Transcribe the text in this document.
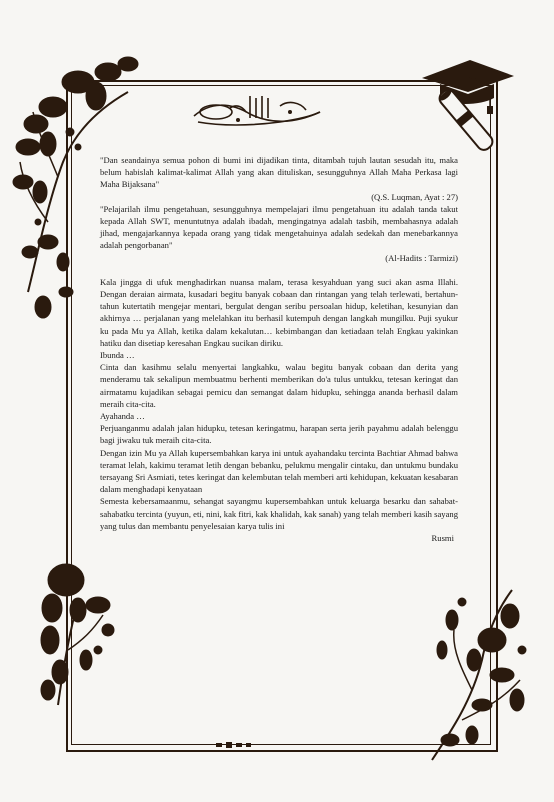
"Dan seandainya semua pohon di bumi ini dijadikan tinta, ditambah tujuh lautan sesudah itu, maka belum habislah kalimat-kalimat Allah yang akan dituliskan, sesungguhnya Allah Maha Perkasa lagi Maha Bijaksana"

(Q.S. Luqman, Ayat : 27)

"Pelajarilah ilmu pengetahuan, sesungguhnya mempelajari ilmu pengetahuan itu adalah tanda takut kepada Allah SWT, menuntutnya adalah ibadah, mengingatnya adalah tasbih, membahasnya adalah jihad, mengajarkannya kepada orang yang tidak mengetahuinya adalah sedekah dan menebarkannya adalah pengorbanan"

(Al-Hadits : Tarmizi)

Kala jingga di ufuk menghadirkan nuansa malam, terasa kesyahduan yang suci akan asma Illahi. Dengan deraian airmata, kusadari begitu banyak cobaan dan rintangan yang telah terlewati, bertahun-tahun kutertatih mengejar mentari, bergulat dengan seribu persoalan hidup, keletihan, kesunyian dan akhirnya … perjalanan yang melelahkan itu berhasil kutempuh dengan langkah mungilku. Puji syukur ku pada Mu ya Allah, ketika dalam kekalutan… kebimbangan dan ketiadaan telah Engkau yakinkan hatiku dan disetiap keresahan Engkau sucikan diriku.

Ibunda …

Cinta dan kasihmu selalu menyertai langkahku, walau begitu banyak cobaan dan derita yang menderamu tak sekalipun membuatmu berhenti memberikan do'a tulus untukku, tetesan keringat dan airmatamu kujadikan sebagai pemicu dan semangat dalam hidupku, sehingga ananda berhasil dalam meraih cita-cita.

Ayahanda …

Perjuanganmu adalah jalan hidupku, tetesan keringatmu, harapan serta jerih payahmu adalah belenggu bagi jiwaku tuk meraih cita-cita.

Dengan izin Mu ya Allah kupersembahkan karya ini untuk ayahandaku tercinta Bachtiar Ahmad bahwa teramat lelah, kakimu teramat letih dengan bebanku, pelukmu mengalir cintaku, dan untukmu bundaku tersayang Sri Asmiati, tetes keringat dan kelembutan telah memberi arti kehidupan, kekuatan kesabaran dalam menghadapi kenyataan

Semesta kebersamaanmu, sehangat sayangmu kupersembahkan untuk keluarga besarku dan sahabat-sahabatku tercinta (yuyun, eti, nini, kak fitri, kak khalidah, kak sanah) yang telah memberi kasih sayang yang tulus dan membantu penyelesaian karya tulis ini

Rusmi
